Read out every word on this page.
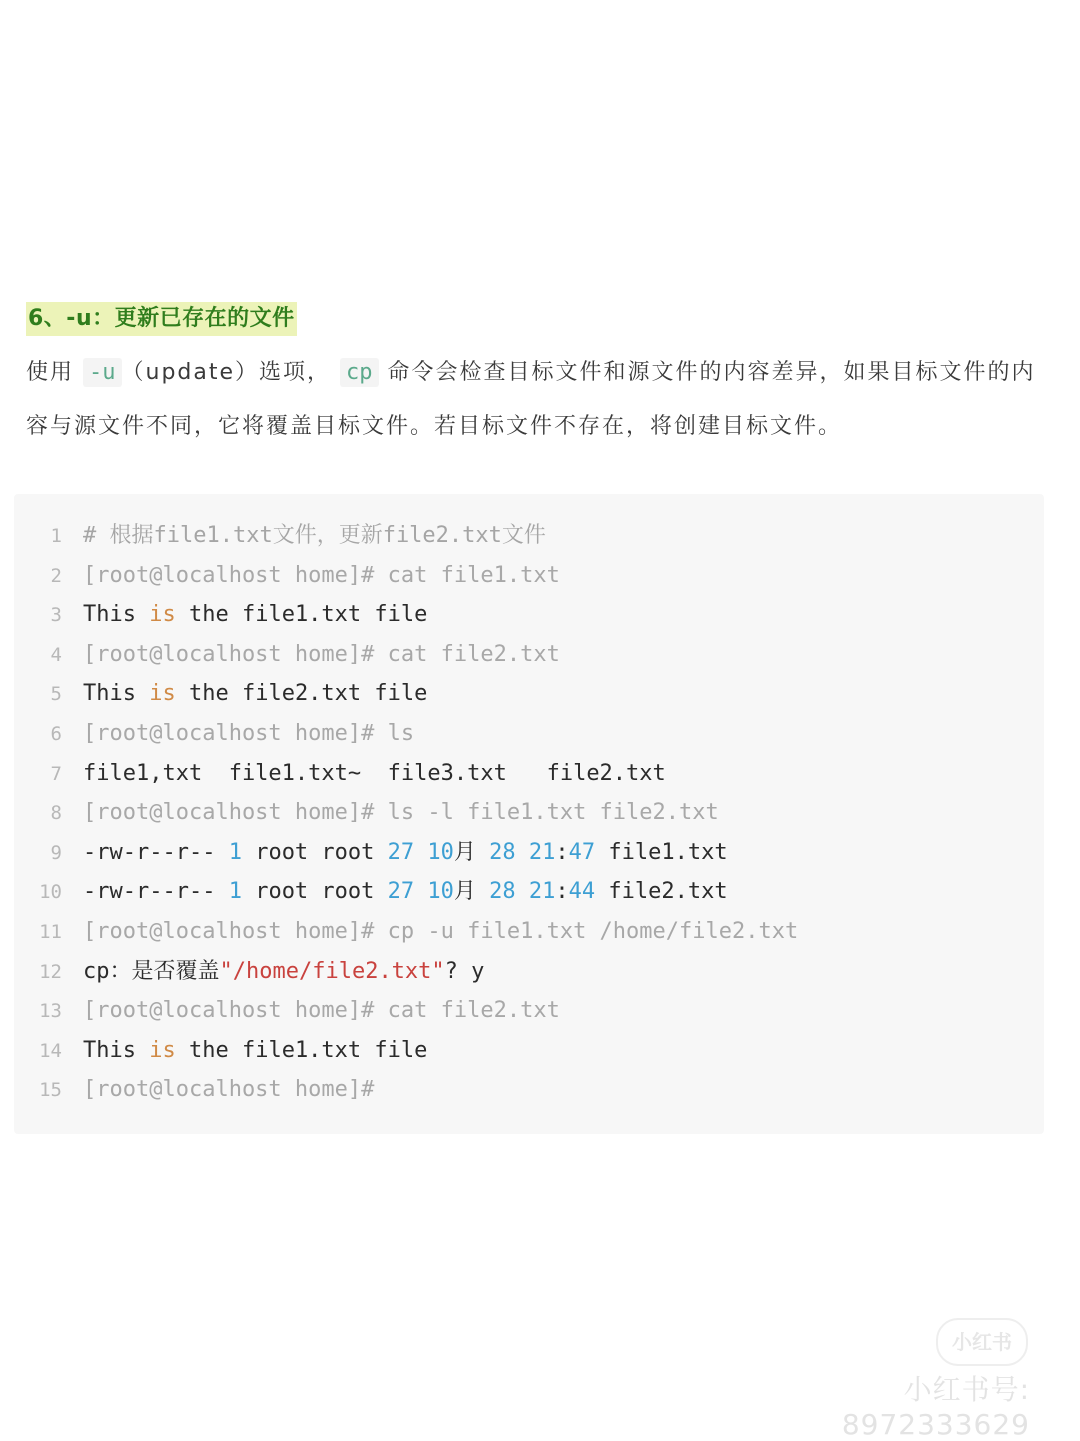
6、-u：更新已存在的文件
使用 -u （update）选项， cp 命令会检查目标文件和源文件的内容差异，如果目标文件的内容与源文件不同，它将覆盖目标文件。若目标文件不存在，将创建目标文件。
1 # 根据file1.txt文件，更新file2.txt文件
2 [root@localhost home]# cat file1.txt
3 This is the file1.txt file
4 [root@localhost home]# cat file2.txt
5 This is the file2.txt file
6 [root@localhost home]# ls
7 file1,txt  file1.txt~  file3.txt   file2.txt
8 [root@localhost home]# ls -l file1.txt file2.txt
9 -rw-r--r-- 1 root root 27 10月 28 21:47 file1.txt
10 -rw-r--r-- 1 root root 27 10月 28 21:44 file2.txt
11 [root@localhost home]# cp -u file1.txt /home/file2.txt
12 cp：是否覆盖"/home/file2.txt"? y
13 [root@localhost home]# cat file2.txt
14 This is the file1.txt file
15 [root@localhost home]#
小红书
小红书号: 8972333629
